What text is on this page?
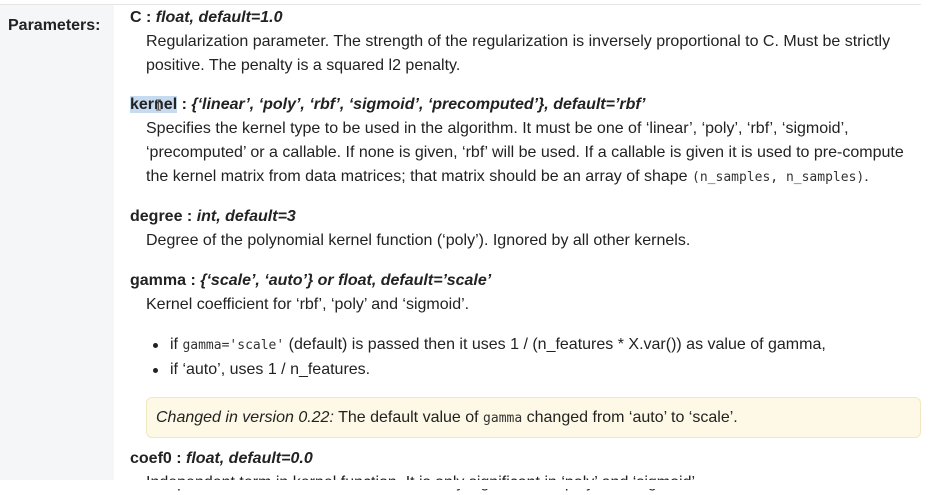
Parameters: C : float, default=1.0

Regularization parameter. The strength of the regularization is inversely proportional to C. Must be strictly

positive. The penalty is a squared l2 penalty.

kernel : {‘linear’, ‘poly’, ‘rbf’, ‘sigmoid’, ‘precomputed’}, default=’rbf’

Specifies the kernel type to be used in the algorithm. It must be one of ‘linear’, ‘poly’, ‘rbf’, ‘sigmoid’,

‘precomputed’ or a callable. If none is given, ‘rbf’ will be used. If a callable is given it is used to pre-compute

the kernel matrix from data matrices; that matrix should be an array of shape (n_samples, n_samples).

degree : int, default=3

Degree of the polynomial kernel function (‘poly’). Ignored by all other kernels.

gamma : {‘scale’, ‘auto’} or float, default=’scale’

Kernel coefficient for ‘rbf’, ‘poly’ and ‘sigmoid’.

if gamma='scale' (default) is passed then it uses 1 / (n_features * X.var()) as value of gamma,
if ‘auto’, uses 1 / n_features.
coef0 : float, default=0.0

Changed in version 0.22: The default value of gamma changed from ‘auto’ to ‘scale’.
